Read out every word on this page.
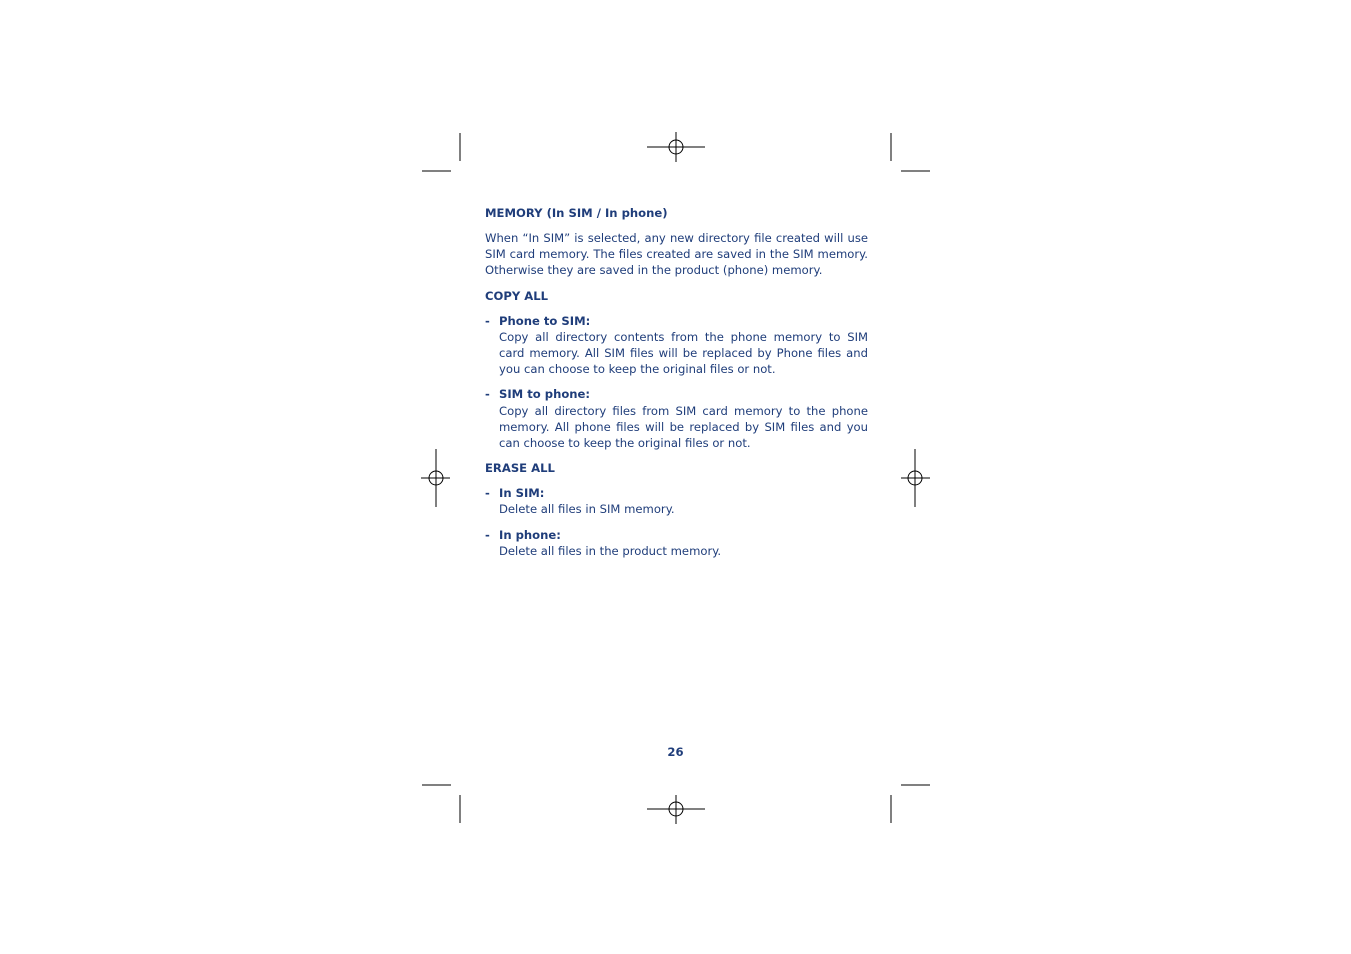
MEMORY (In SIM / In phone)

When “In SIM” is selected, any new directory file created will use SIM card memory. The files created are saved in the SIM memory. Otherwise they are saved in the product (phone) memory.

COPY ALL
- Phone to SIM:

Copy all directory contents from the phone memory to SIM card memory. All SIM files will be replaced by Phone files and you can choose to keep the original files or not.

- SIM to phone:

Copy all directory files from SIM card memory to the phone memory. All phone files will be replaced by SIM files and you can choose to keep the original files or not.

ERASE ALL
- In SIM:

Delete all files in SIM memory.

- In phone:

Delete all files in the product memory.

26
